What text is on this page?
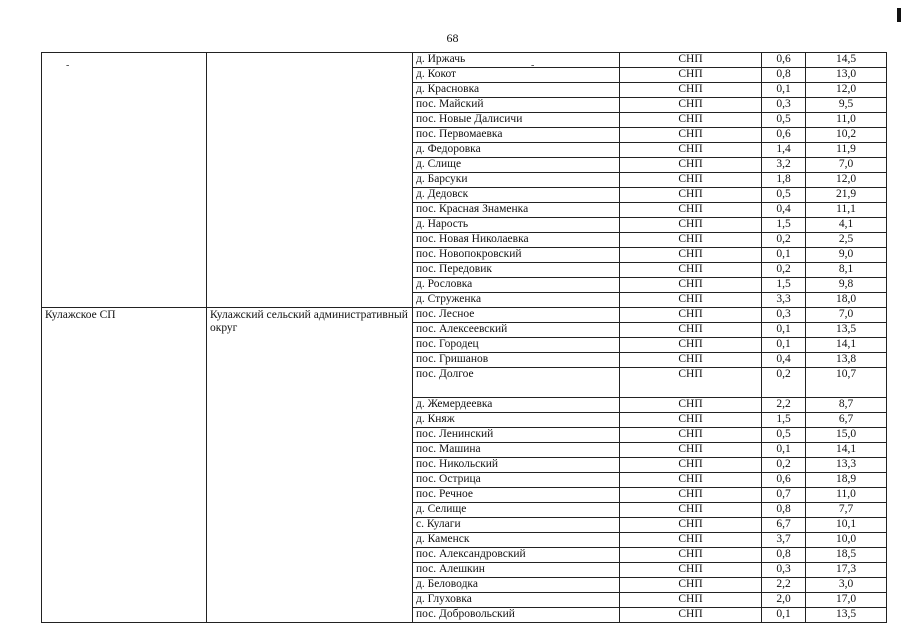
68
		д. Иржачь	СНП	0,6	14,5
		д. Кокот	СНП	0,8	13,0
		д. Красновка	СНП	0,1	12,0
		пос. Майский	СНП	0,3	9,5
		пос. Новые Далисичи	СНП	0,5	11,0
		пос. Первомаевка	СНП	0,6	10,2
		д. Федоровка	СНП	1,4	11,9
		д. Слище	СНП	3,2	7,0
		д. Барсуки	СНП	1,8	12,0
		д. Дедовск	СНП	0,5	21,9
		пос. Красная Знаменка	СНП	0,4	11,1
		д. Нарость	СНП	1,5	4,1
		пос. Новая Николаевка	СНП	0,2	2,5
		пос. Новопокровский	СНП	0,1	9,0
		пос. Передовик	СНП	0,2	8,1
		д. Рословка	СНП	1,5	9,8
		д. Струженка	СНП	3,3	18,0
Кулажское СП	Кулажский сельский административный округ	пос. Лесное	СНП	0,3	7,0
		пос. Алексеевский	СНП	0,1	13,5
		пос. Городец	СНП	0,1	14,1
		пос. Гришанов	СНП	0,4	13,8
		пос. Долгое	СНП	0,2	10,7
		д. Жемердеевка	СНП	2,2	8,7
		д. Княж	СНП	1,5	6,7
		пос. Ленинский	СНП	0,5	15,0
		пос. Машина	СНП	0,1	14,1
		пос. Никольский	СНП	0,2	13,3
		пос. Острица	СНП	0,6	18,9
		пос. Речное	СНП	0,7	11,0
		д. Селище	СНП	0,8	7,7
		с. Кулаги	СНП	6,7	10,1
		д. Каменск	СНП	3,7	10,0
		пос. Александровский	СНП	0,8	18,5
		пос. Алешкин	СНП	0,3	17,3
		д. Беловодка	СНП	2,2	3,0
		д. Глуховка	СНП	2,0	17,0
		пос. Добровольский	СНП	0,1	13,5
-	-
